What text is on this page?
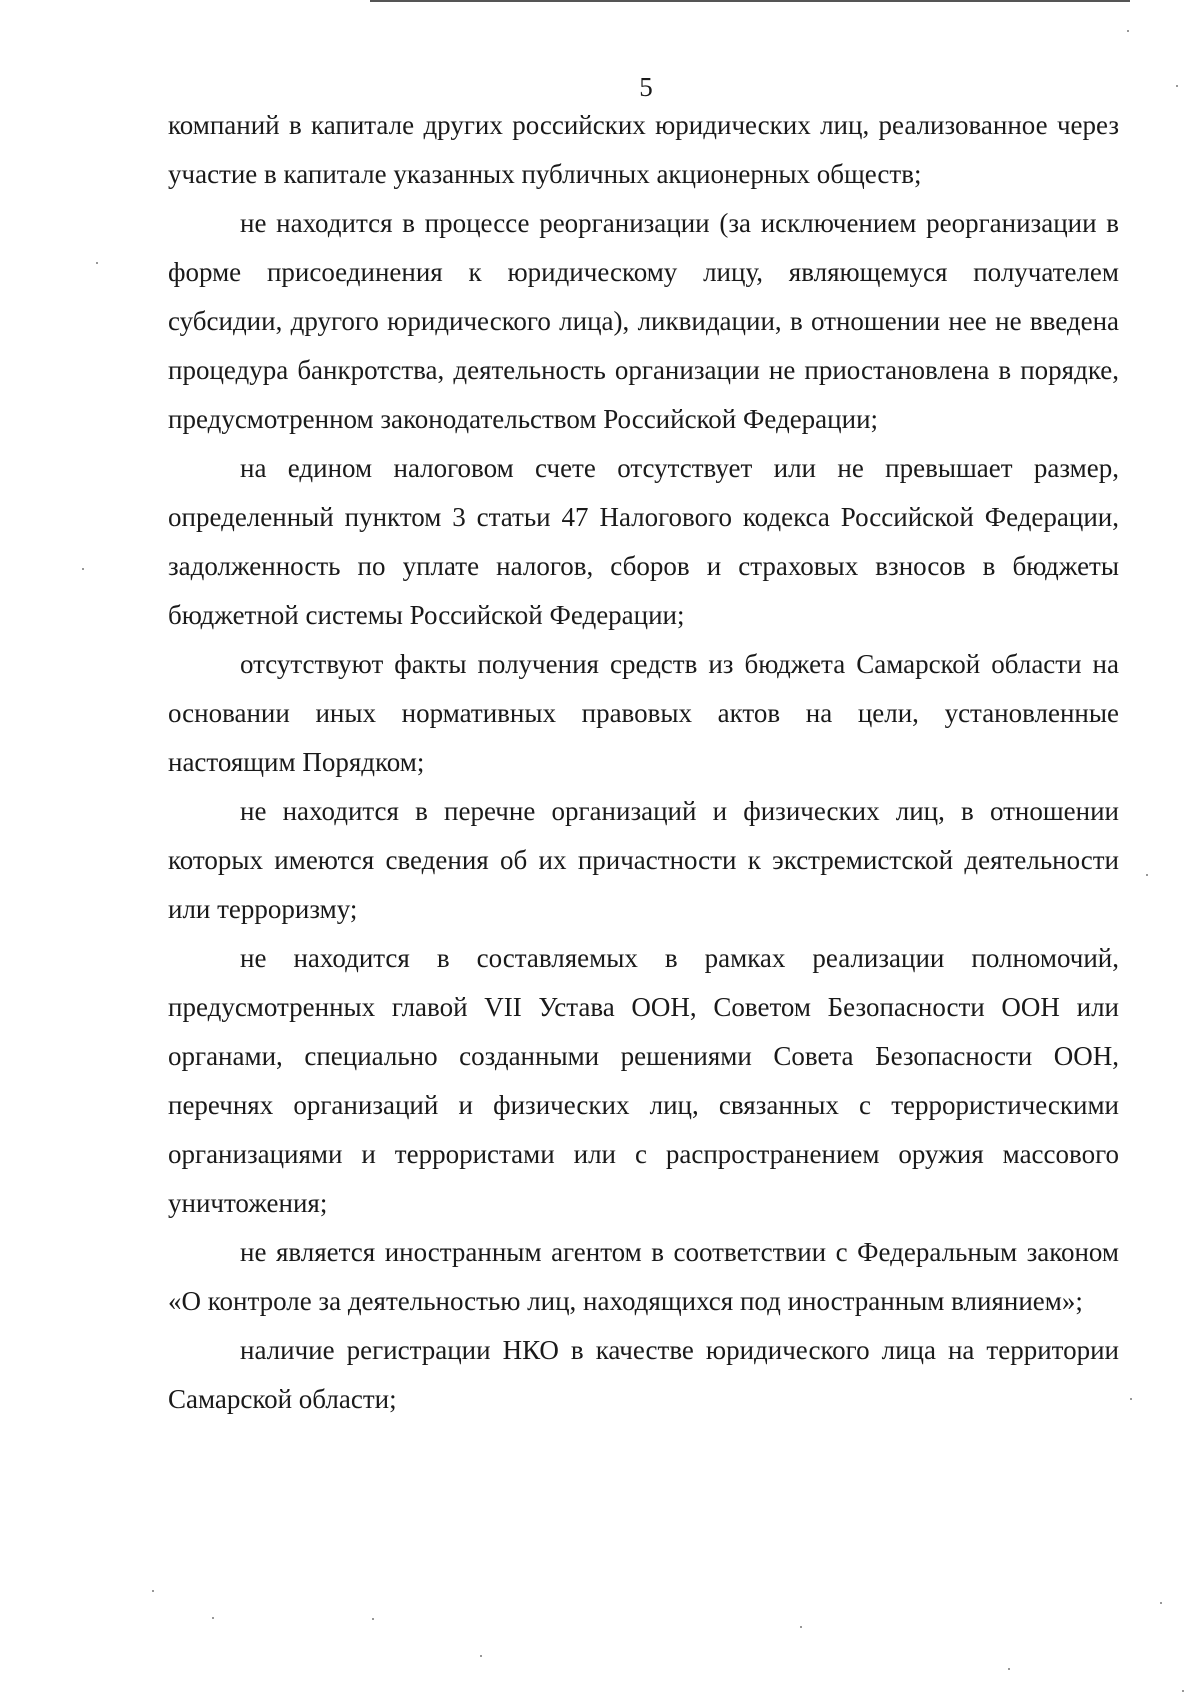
5

компаний в капитале других российских юридических лиц, реализованное через участие в капитале указанных публичных акционерных обществ;

не находится в процессе реорганизации (за исключением реорганизации в форме присоединения к юридическому лицу, являющемуся получателем субсидии, другого юридического лица), ликвидации, в отношении нее не введена процедура банкротства, деятельность организации не приостановлена в порядке, предусмотренном законодательством Российской Федерации;

на едином налоговом счете отсутствует или не превышает размер, определенный пунктом 3 статьи 47 Налогового кодекса Российской Федерации, задолженность по уплате налогов, сборов и страховых взносов в бюджеты бюджетной системы Российской Федерации;

отсутствуют факты получения средств из бюджета Самарской области на основании иных нормативных правовых актов на цели, установленные настоящим Порядком;

не находится в перечне организаций и физических лиц, в отношении которых имеются сведения об их причастности к экстремистской деятельности или терроризму;

не находится в составляемых в рамках реализации полномочий, предусмотренных главой VII Устава ООН, Советом Безопасности ООН или органами, специально созданными решениями Совета Безопасности ООН, перечнях организаций и физических лиц, связанных с террористическими организациями и террористами или с распространением оружия массового уничтожения;

не является иностранным агентом в соответствии с Федеральным законом «О контроле за деятельностью лиц, находящихся под иностранным влиянием»;

наличие регистрации НКО в качестве юридического лица на территории Самарской области;
